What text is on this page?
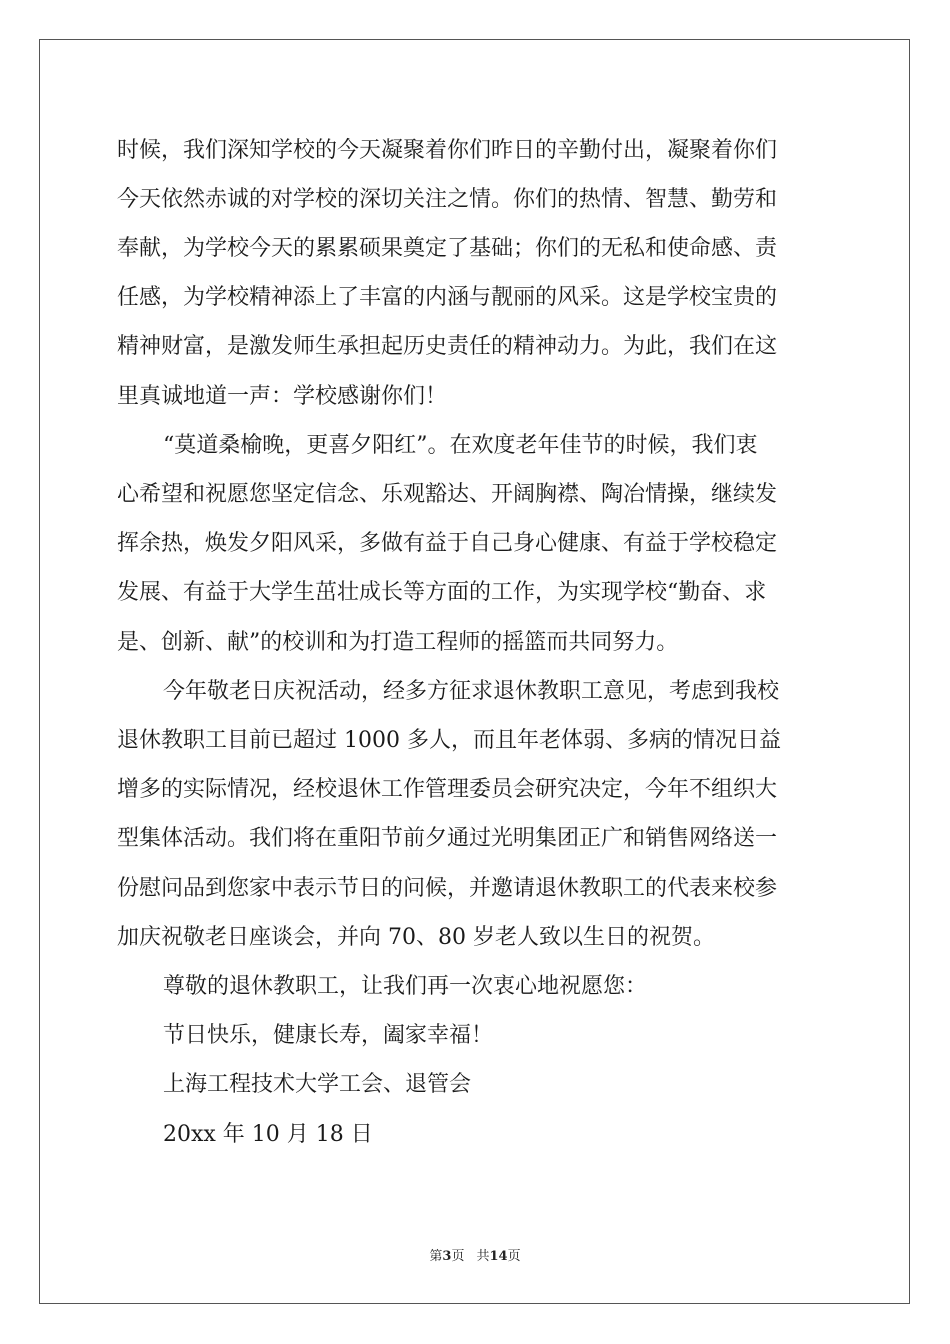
时候，我们深知学校的今天凝聚着你们昨日的辛勤付出，凝聚着你们
今天依然赤诚的对学校的深切关注之情。你们的热情、智慧、勤劳和
奉献，为学校今天的累累硕果奠定了基础；你们的无私和使命感、责
任感，为学校精神添上了丰富的内涵与靓丽的风采。这是学校宝贵的
精神财富，是激发师生承担起历史责任的精神动力。为此，我们在这
里真诚地道一声：学校感谢你们！
“莫道桑榆晚，更喜夕阳红”。在欢度老年佳节的时候，我们衷
心希望和祝愿您坚定信念、乐观豁达、开阔胸襟、陶冶情操，继续发
挥余热，焕发夕阳风采，多做有益于自己身心健康、有益于学校稳定
发展、有益于大学生茁壮成长等方面的工作，为实现学校“勤奋、求
是、创新、献”的校训和为打造工程师的摇篮而共同努力。
今年敬老日庆祝活动，经多方征求退休教职工意见，考虑到我校
退休教职工目前已超过 1000 多人，而且年老体弱、多病的情况日益
增多的实际情况，经校退休工作管理委员会研究决定，今年不组织大
型集体活动。我们将在重阳节前夕通过光明集团正广和销售网络送一
份慰问品到您家中表示节日的问候，并邀请退休教职工的代表来校参
加庆祝敬老日座谈会，并向 70、80 岁老人致以生日的祝贺。
尊敬的退休教职工，让我们再一次衷心地祝愿您：
节日快乐，健康长寿，阖家幸福！
上海工程技术大学工会、退管会
20xx 年 10 月 18 日
第3页 共14页
